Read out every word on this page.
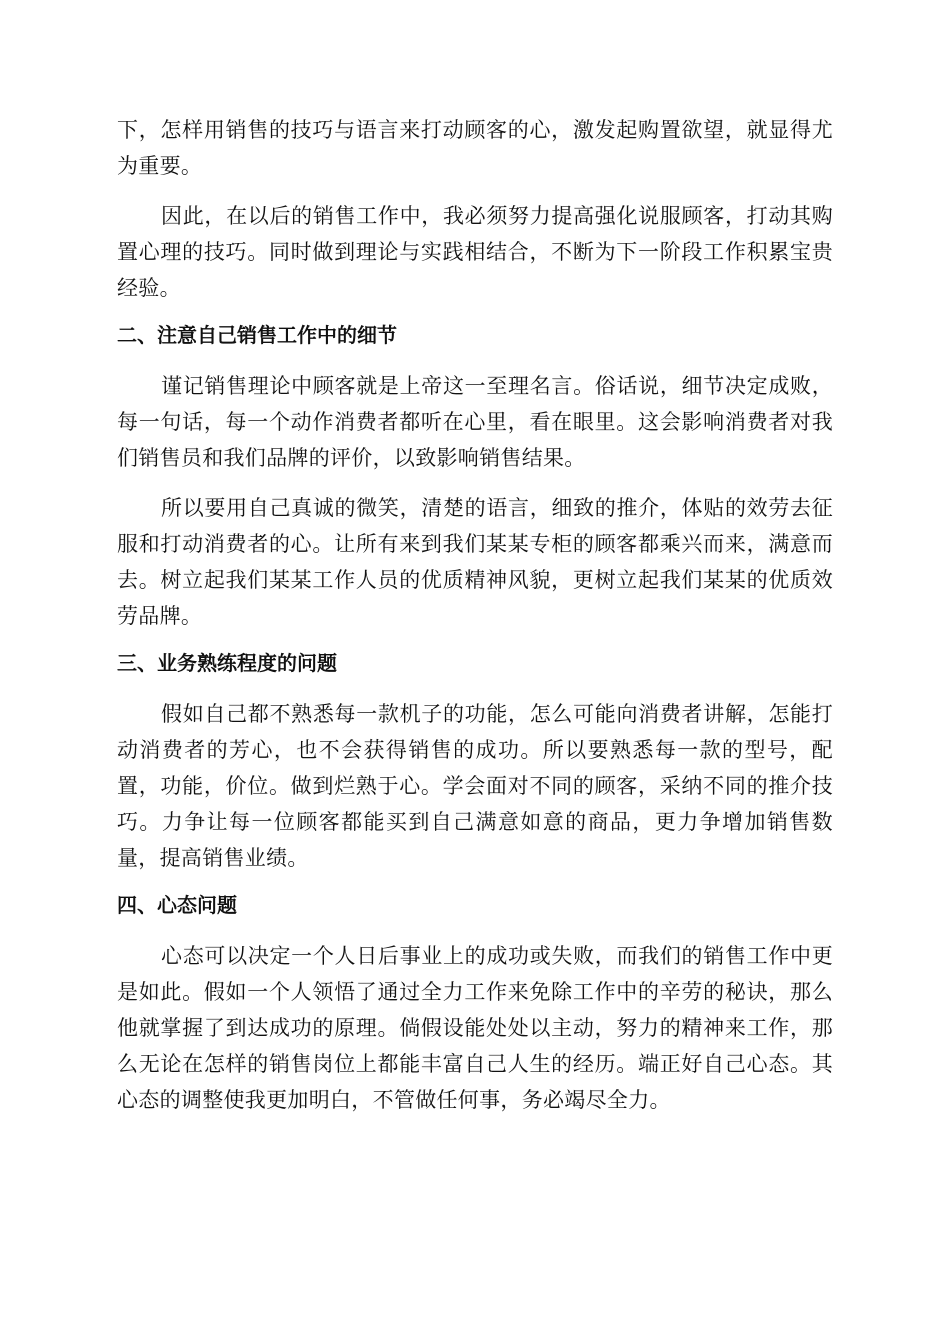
下，怎样用销售的技巧与语言来打动顾客的心，激发起购置欲望，就显得尤为重要。

因此，在以后的销售工作中，我必须努力提高强化说服顾客，打动其购置心理的技巧。同时做到理论与实践相结合，不断为下一阶段工作积累宝贵经验。

二、注意自己销售工作中的细节

谨记销售理论中顾客就是上帝这一至理名言。俗话说，细节决定成败，每一句话，每一个动作消费者都听在心里，看在眼里。这会影响消费者对我们销售员和我们品牌的评价，以致影响销售结果。

所以要用自己真诚的微笑，清楚的语言，细致的推介，体贴的效劳去征服和打动消费者的心。让所有来到我们某某专柜的顾客都乘兴而来，满意而去。树立起我们某某工作人员的优质精神风貌，更树立起我们某某的优质效劳品牌。

三、业务熟练程度的问题

假如自己都不熟悉每一款机子的功能，怎么可能向消费者讲解，怎能打动消费者的芳心，也不会获得销售的成功。所以要熟悉每一款的型号，配置，功能，价位。做到烂熟于心。学会面对不同的顾客，采纳不同的推介技巧。力争让每一位顾客都能买到自己满意如意的商品，更力争增加销售数量，提高销售业绩。

四、心态问题

心态可以决定一个人日后事业上的成功或失败，而我们的销售工作中更是如此。假如一个人领悟了通过全力工作来免除工作中的辛劳的秘诀，那么他就掌握了到达成功的原理。倘假设能处处以主动，努力的精神来工作，那么无论在怎样的销售岗位上都能丰富自己人生的经历。端正好自己心态。其心态的调整使我更加明白，不管做任何事，务必竭尽全力。
